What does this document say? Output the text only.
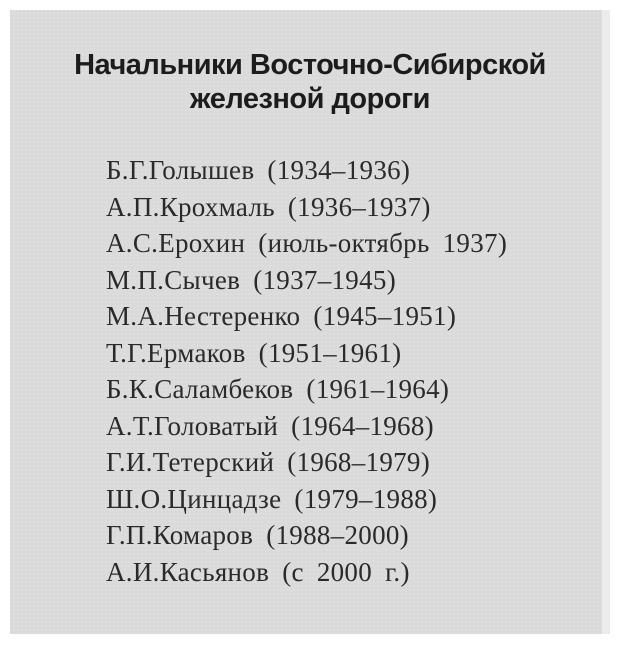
Начальники Восточно-Сибирской
железной дороги
Б.Г.Голышев (1934–1936)
А.П.Крохмаль (1936–1937)
А.С.Ерохин (июль-октябрь 1937)
М.П.Сычев (1937–1945)
М.А.Нестеренко (1945–1951)
Т.Г.Ермаков (1951–1961)
Б.К.Саламбеков (1961–1964)
А.Т.Головатый (1964–1968)
Г.И.Тетерский (1968–1979)
Ш.О.Цинцадзе (1979–1988)
Г.П.Комаров (1988–2000)
А.И.Касьянов (с 2000 г.)
